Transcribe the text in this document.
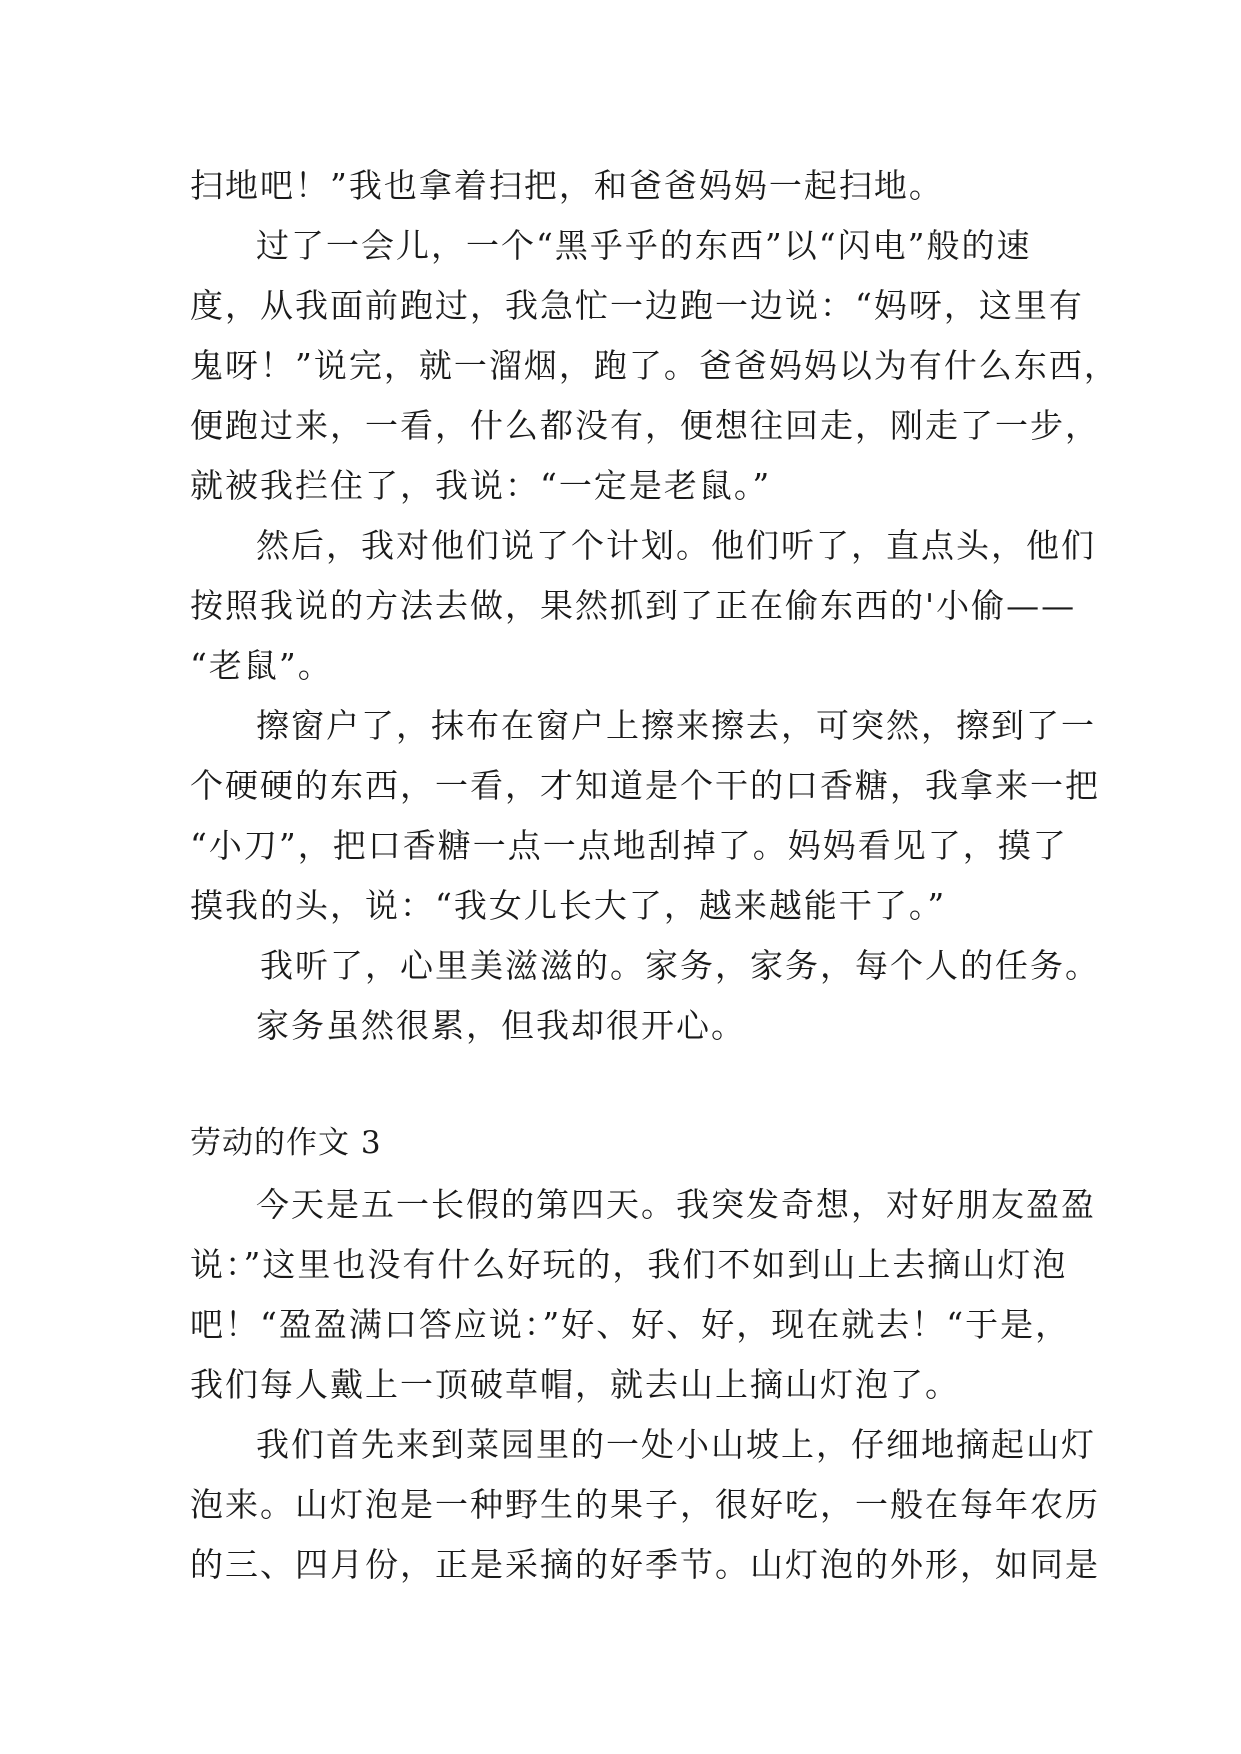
扫地吧！”我也拿着扫把，和爸爸妈妈一起扫地。
过了一会儿，一个“黑乎乎的东西”以“闪电”般的速
度，从我面前跑过，我急忙一边跑一边说：“妈呀，这里有
鬼呀！”说完，就一溜烟，跑了。爸爸妈妈以为有什么东西，
便跑过来，一看，什么都没有，便想往回走，刚走了一步，
就被我拦住了，我说：“一定是老鼠。”
然后，我对他们说了个计划。他们听了，直点头，他们
按照我说的方法去做，果然抓到了正在偷东西的'小偷——
“老鼠”。
擦窗户了，抹布在窗户上擦来擦去，可突然，擦到了一
个硬硬的东西，一看，才知道是个干的口香糖，我拿来一把
“小刀”，把口香糖一点一点地刮掉了。妈妈看见了，摸了
摸我的头，说：“我女儿长大了，越来越能干了。”
我听了，心里美滋滋的。家务，家务，每个人的任务。
家务虽然很累，但我却很开心。
劳动的作文 3
今天是五一长假的第四天。我突发奇想，对好朋友盈盈
说：”这里也没有什么好玩的，我们不如到山上去摘山灯泡
吧！“盈盈满口答应说：”好、好、好，现在就去！“于是，
我们每人戴上一顶破草帽，就去山上摘山灯泡了。
我们首先来到菜园里的一处小山坡上，仔细地摘起山灯
泡来。山灯泡是一种野生的果子，很好吃，一般在每年农历
的三、四月份，正是采摘的好季节。山灯泡的外形，如同是
